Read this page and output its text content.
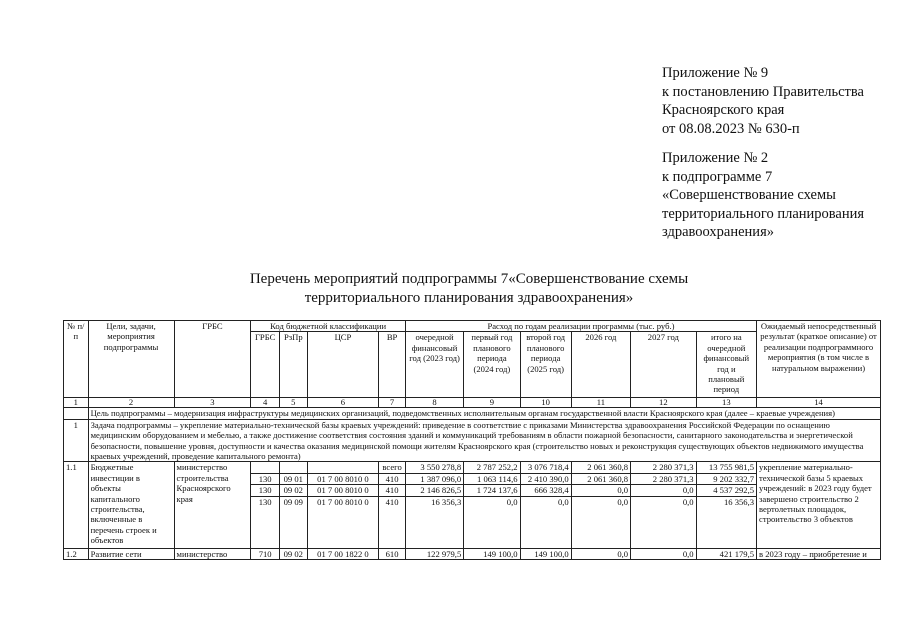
Приложение № 9
к постановлению Правительства
Красноярского края
от 08.08.2023 № 630-п
Приложение № 2
к подпрограмме 7
«Совершенствование схемы
территориального планирования
здравоохранения»
Перечень мероприятий подпрограммы 7«Совершенствование схемы
территориального планирования здравоохранения»
№ п/п	Цели, задачи, мероприятия подпрограммы	ГРБС	Код бюджетной классификации				Расход по годам реализации программы (тыс. руб.)						Ожидаемый непосредственный результат (краткое описание) от реализации подпрограммного мероприятия (в том числе в натуральном выражении)
			ГРБС	РзПр	ЦСР	ВР	очередной финансовый год (2023 год)	первый год планового периода (2024 год)	второй год планового периода (2025 год)	2026 год	2027 год	итого на очередной финансовый год и плановый период	
1	2	3	4	5	6	7	8	9	10	11	12	13	14
	Цель подпрограммы – модернизация инфраструктуры медицинских организаций, подведомственных исполнительным органам государственной власти Красноярского края (далее – краевые учреждения)												
1	Задача подпрограммы – укрепление материально-технической базы краевых учреждений: приведение в соответствие с приказами Министерства здравоохранения Российской Федерации по оснащению медицинским оборудованием и мебелью, а также достижение соответствия состояния зданий и коммуникаций требованиям в области пожарной безопасности, санитарного законодательства и энергетической безопасности, повышение уровня, доступности и качества оказания медицинской помощи жителям Красноярского края (строительство новых и реконструкция существующих объектов недвижимого имущества краевых учреждений, проведение капитального ремонта)												
1.1	Бюджетные инвестиции в объекты капитального строительства, включенные в перечень строек и объектов	министерство строительства Красноярского края				всего	3 550 278,8	2 787 252,2	3 076 718,4	2 061 360,8	2 280 371,3	13 755 981,5	укрепление материально-технической базы 5 краевых учреждений: в 2023 году будет завершено строительство 2 вертолетных площадок, строительство 3 объектов
			130	09 01	01 7 00 8010 0	410	1 387 096,0	1 063 114,6	2 410 390,0	2 061 360,8	2 280 371,3	9 202 332,7	
			130	09 02	01 7 00 8010 0	410	2 146 826,5	1 724 137,6	666 328,4	0,0	0,0	4 537 292,5	
			130	09 09	01 7 00 8010 0	410	16 356,3	0,0	0,0	0,0	0,0	16 356,3	
1.2	Развитие сети	министерство	710	09 02	01 7 00 1822 0	610	122 979,5	149 100,0	149 100,0	0,0	0,0	421 179,5	в 2023 году – приобретение и
